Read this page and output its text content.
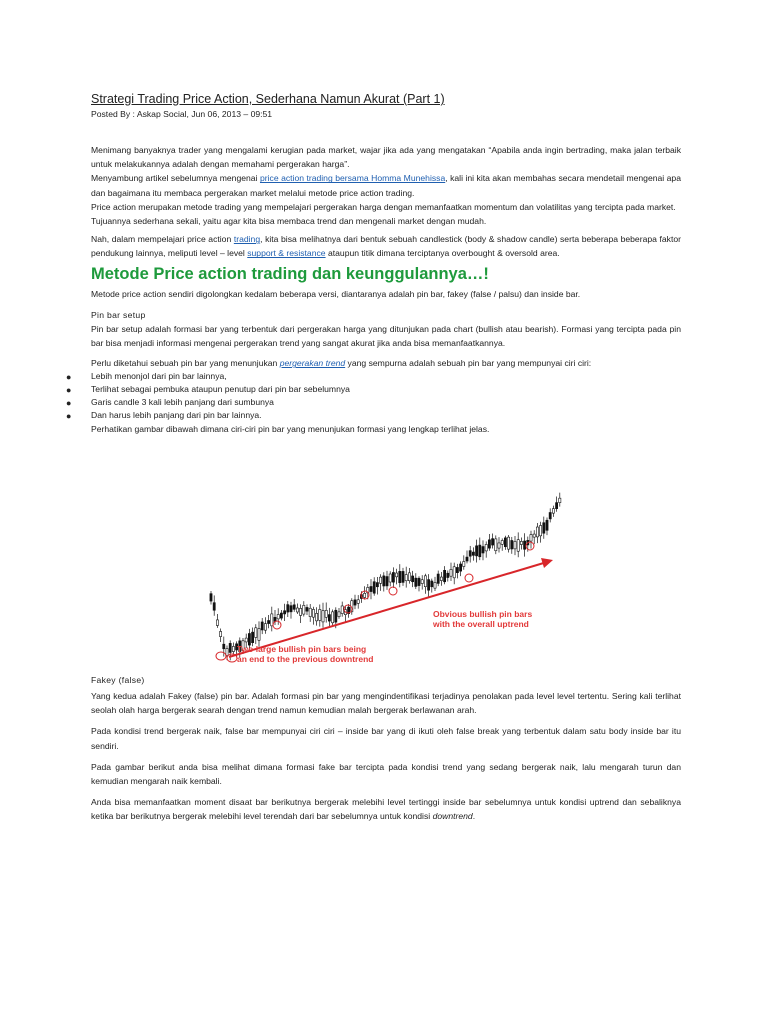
Strategi Trading Price Action, Sederhana Namun Akurat (Part 1)
Posted By : Askap Social, Jun 06, 2013 – 09:51

Menimang banyaknya trader yang mengalami kerugian pada market, wajar jika ada yang mengatakan “Apabila anda ingin bertrading, maka jalan terbaik untuk melakukannya adalah dengan memahami pergerakan harga”.

Menyambung artikel sebelumnya mengenai price action trading bersama Homma Munehissa, kali ini kita akan membahas secara mendetail mengenai apa dan bagaimana itu membaca pergerakan market melalui metode price action trading.

Price action merupakan metode trading yang mempelajari pergerakan harga dengan memanfaatkan momentum dan volatilitas yang tercipta pada market.

Tujuannya sederhana sekali, yaitu agar kita bisa membaca trend dan mengenali market dengan mudah.

Nah, dalam mempelajari price action trading, kita bisa melihatnya dari bentuk sebuah candlestick (body & shadow candle) serta beberapa beberapa faktor pendukung lainnya, meliputi level – level support & resistance ataupun titik dimana terciptanya overbought & oversold area.

Metode Price action trading dan keunggulannya…!

Metode price action sendiri digolongkan kedalam beberapa versi, diantaranya adalah pin bar, fakey (false / palsu) dan inside bar.

Pin bar setup

Pin bar setup adalah formasi bar yang terbentuk dari pergerakan harga yang ditunjukan pada chart (bullish atau bearish). Formasi yang tercipta pada pin bar bisa menjadi informasi mengenai pergerakan trend yang sangat akurat jika anda bisa memanfaatkannya.

Perlu diketahui sebuah pin bar yang menunjukan pergerakan trend yang sempurna adalah sebuah pin bar yang mempunyai ciri ciri:

● Lebih menonjol dari pin bar lainnya,
● Terlihat sebagai pembuka ataupun penutup dari pin bar sebelumnya
● Garis candle 3 kali lebih panjang dari sumbunya
● Dan harus lebih panjang dari pin bar lainnya.

Perhatikan gambar dibawah dimana ciri-ciri pin bar yang menunjukan formasi yang lengkap terlihat jelas.

Obvious bullish pin bars
with the overall uptrend
Two large bullish pin bars being
an end to the previous downtrend
Fakey (false)

Yang kedua adalah Fakey (false) pin bar. Adalah formasi pin bar yang mengindentifikasi terjadinya penolakan pada level level tertentu. Sering kali terlihat seolah olah harga bergerak searah dengan trend namun kemudian malah bergerak berlawanan arah.

Pada kondisi trend bergerak naik, false bar mempunyai ciri ciri – inside bar yang di ikuti oleh false break yang terbentuk dalam satu body inside bar itu sendiri.

Pada gambar berikut anda bisa melihat dimana formasi fake bar tercipta pada kondisi trend yang sedang bergerak naik, lalu mengarah turun dan kemudian mengarah naik kembali.

Anda bisa memanfaatkan moment disaat bar berikutnya bergerak melebihi level tertinggi inside bar sebelumnya untuk kondisi uptrend dan sebaliknya ketika bar berikutnya bergerak melebihi level terendah dari bar sebelumnya untuk kondisi downtrend.
